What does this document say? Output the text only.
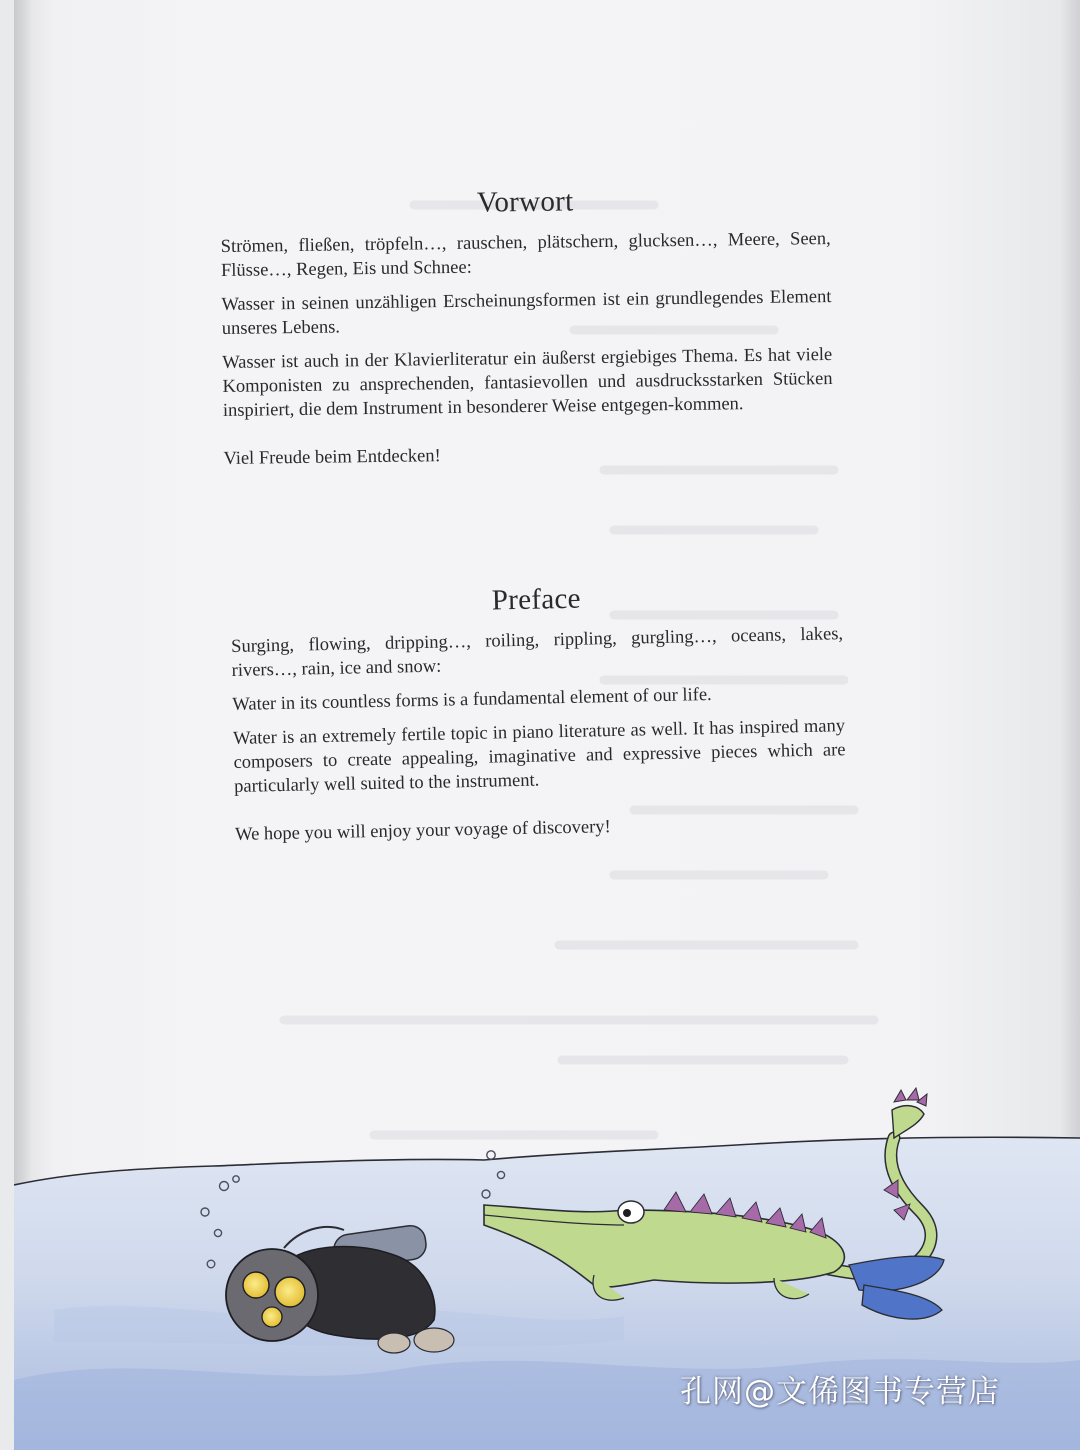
Vorwort

Strömen, fließen, tröpfeln…, rauschen, plätschern, glucksen…, Meere, Seen, Flüsse…, Regen, Eis und Schnee:

Wasser in seinen unzähligen Erscheinungsformen ist ein grundlegendes Element unseres Lebens.

Wasser ist auch in der Klavierliteratur ein äußerst ergiebiges Thema. Es hat viele Komponisten zu ansprechenden, fantasievollen und ausdrucksstarken Stücken inspiriert, die dem Instrument in besonderer Weise entgegen-kommen.

Viel Freude beim Entdecken!

Preface

Surging, flowing, dripping…, roiling, rippling, gurgling…, oceans, lakes, rivers…, rain, ice and snow:

Water in its countless forms is a fundamental element of our life.

Water is an extremely fertile topic in piano literature as well. It has inspired many composers to create appealing, imaginative and expressive pieces which are particularly well suited to the instrument.

We hope you will enjoy your voyage of discovery!

孔网@文俙图书专营店
